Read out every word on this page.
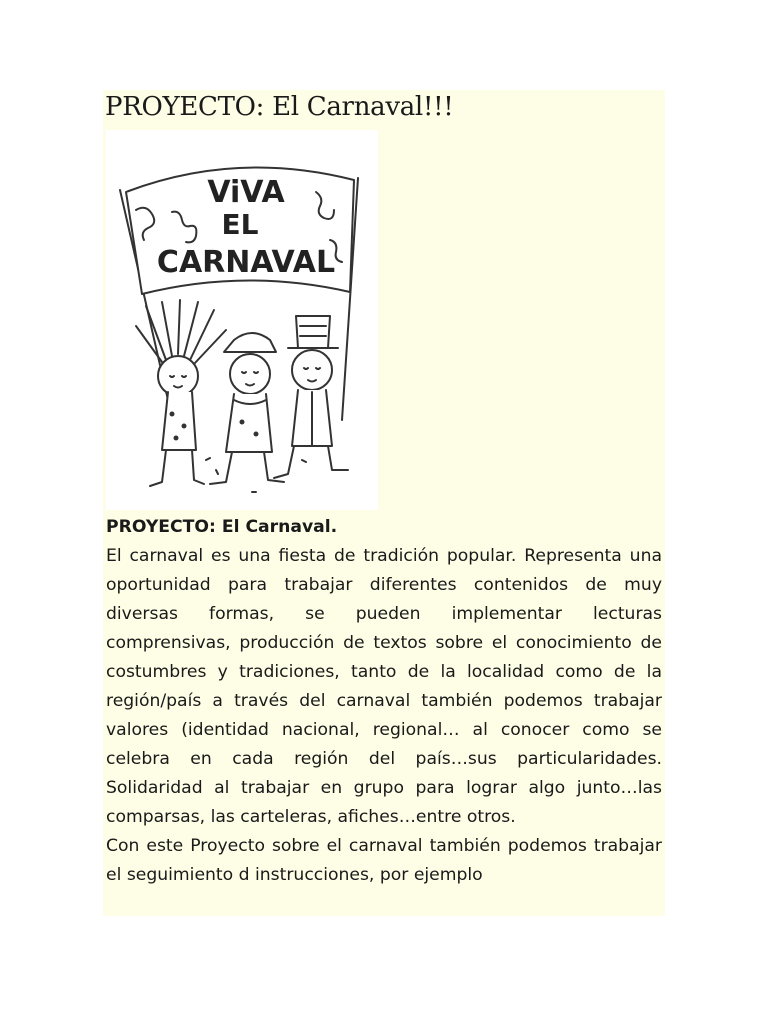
PROYECTO: El Carnaval!!!
ViVA
EL
CARNAVAL

PROYECTO: El Carnaval.

El carnaval es una fiesta de tradición popular. Representa una oportunidad para trabajar diferentes contenidos de muy diversas formas, se pueden implementar lecturas comprensivas, producción de textos sobre el conocimiento de costumbres y tradiciones, tanto de la localidad como de la región/país a través del carnaval también podemos trabajar valores (identidad nacional, regional… al conocer como se celebra en cada región del país…sus particularidades. Solidaridad al trabajar en grupo para lograr algo junto…las comparsas, las carteleras, afiches…entre otros.

Con este Proyecto sobre el carnaval también podemos trabajar el seguimiento d instrucciones, por ejemplo
